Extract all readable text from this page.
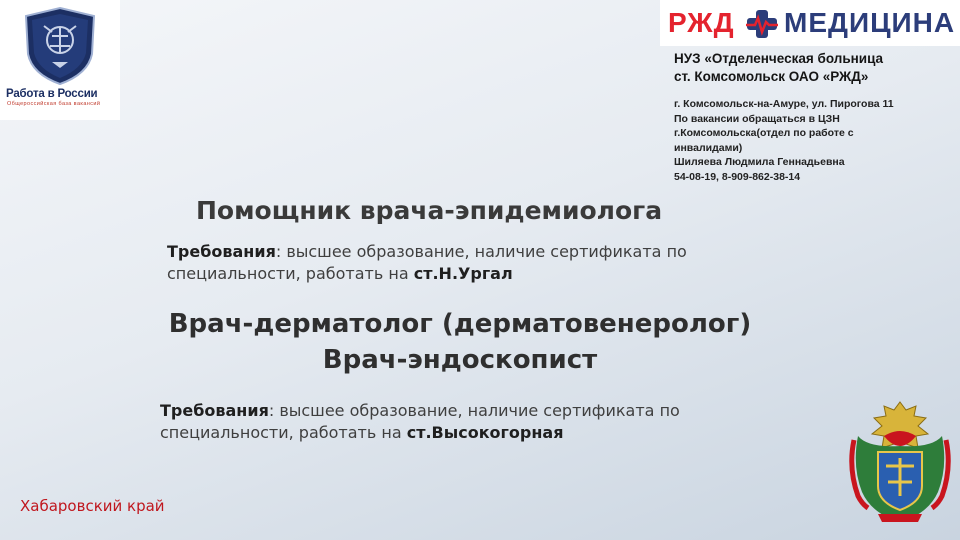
Работа в России
Общероссийская база вакансий
РЖД МЕДИЦИНА
НУЗ «Отделенческая больница
ст. Комсомольск ОАО «РЖД»
г. Комсомольск-на-Амуре, ул. Пирогова 11
По вакансии обращаться в ЦЗН
г.Комсомольска(отдел по работе с
инвалидами)
Шиляева Людмила Геннадьевна
54-08-19, 8-909-862-38-14
Помощник врача-эпидемиолога
Требования: высшее образование, наличие сертификата по
специальности, работать на ст.Н.Ургал
Врач-дерматолог (дерматовенеролог)
Врач-эндоскопист
Требования: высшее образование, наличие сертификата по
специальности, работать на ст.Высокогорная
Хабаровский край
